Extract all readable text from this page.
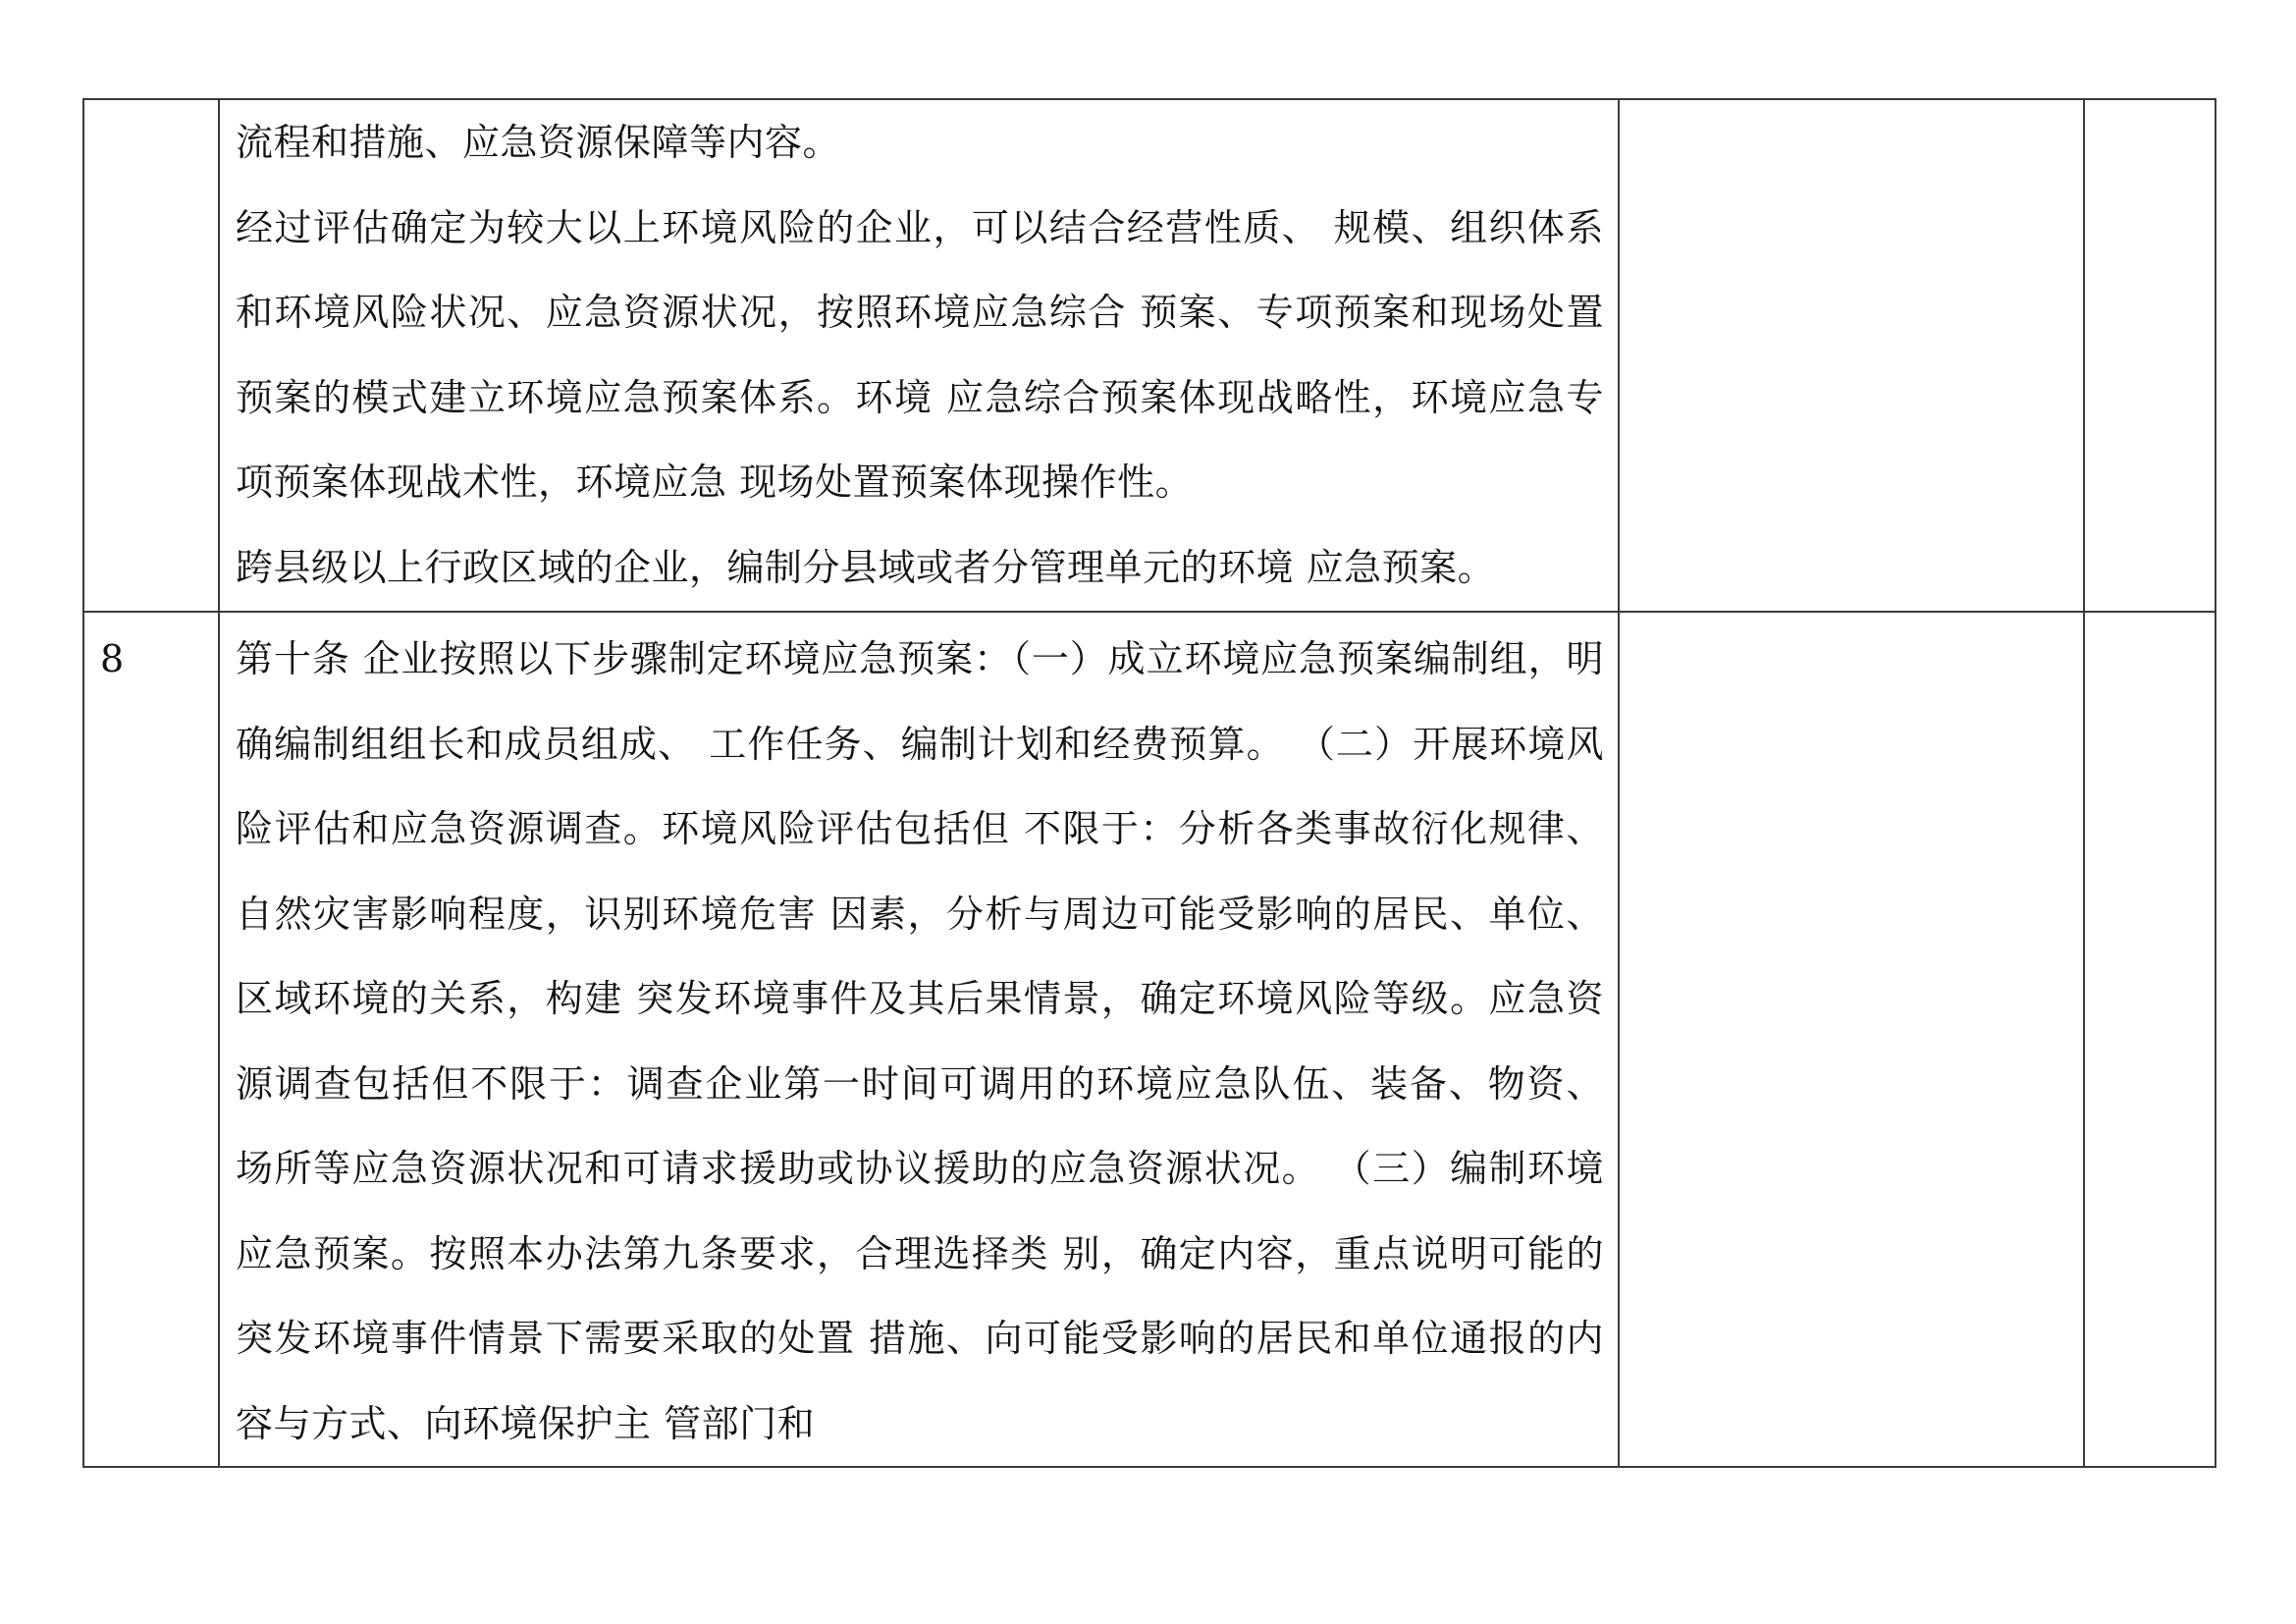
	流程和措施、应急资源保障等内容。

经过评估确定为较大以上环境风险的企业，可以结合经营性质、 规模、组织体系和环境风险状况、应急资源状况，按照环境应急综合 预案、专项预案和现场处置预案的模式建立环境应急预案体系。环境 应急综合预案体现战略性，环境应急专项预案体现战术性，环境应急 现场处置预案体现操作性。

跨县级以上行政区域的企业，编制分县域或者分管理单元的环境 应急预案。		

8	第十条 企业按照以下步骤制定环境应急预案：（一）成立环境应急预案编制组，明确编制组组长和成员组成、 工作任务、编制计划和经费预算。 （二）开展环境风险评估和应急资源调查。环境风险评估包括但 不限于：分析各类事故衍化规律、自然灾害影响程度，识别环境危害 因素，分析与周边可能受影响的居民、单位、区域环境的关系，构建 突发环境事件及其后果情景，确定环境风险等级。应急资源调查包括但不限于：调查企业第一时间可调用的环境应急队伍、装备、物资、 场所等应急资源状况和可请求援助或协议援助的应急资源状况。 （三）编制环境应急预案。按照本办法第九条要求，合理选择类 别，确定内容，重点说明可能的突发环境事件情景下需要采取的处置 措施、向可能受影响的居民和单位通报的内容与方式、向环境保护主 管部门和		
